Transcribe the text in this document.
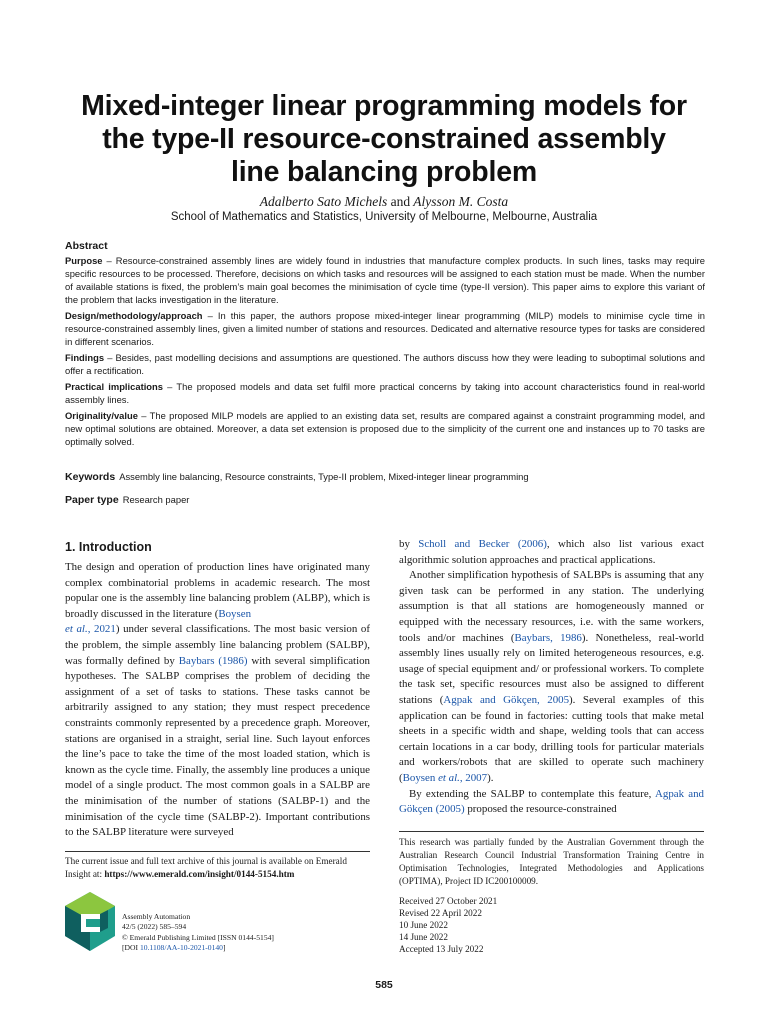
Mixed-integer linear programming models for
the type-II resource-constrained assembly
line balancing problem
Adalberto Sato Michels and Alysson M. Costa
School of Mathematics and Statistics, University of Melbourne, Melbourne, Australia
Abstract

Purpose – Resource-constrained assembly lines are widely found in industries that manufacture complex products. In such lines, tasks may require specific resources to be processed. Therefore, decisions on which tasks and resources will be assigned to each station must be made. When the number of available stations is fixed, the problem’s main goal becomes the minimisation of cycle time (type-II version). This paper aims to explore this variant of the problem that lacks investigation in the literature.

Design/methodology/approach – In this paper, the authors propose mixed-integer linear programming (MILP) models to minimise cycle time in resource-constrained assembly lines, given a limited number of stations and resources. Dedicated and alternative resource types for tasks are considered in different scenarios.

Findings – Besides, past modelling decisions and assumptions are questioned. The authors discuss how they were leading to suboptimal solutions and offer a rectification.

Practical implications – The proposed models and data set fulfil more practical concerns by taking into account characteristics found in real-world assembly lines.

Originality/value – The proposed MILP models are applied to an existing data set, results are compared against a constraint programming model, and new optimal solutions are obtained. Moreover, a data set extension is proposed due to the simplicity of the current one and instances up to 70 tasks are optimally solved.

Keywords Assembly line balancing, Resource constraints, Type-II problem, Mixed-integer linear programming
Paper type Research paper
1. Introduction

The design and operation of production lines have originated many complex combinatorial problems in academic research. The most popular one is the assembly line balancing problem (ALBP), which is broadly discussed in the literature (Boysen
et al., 2021) under several classifications. The most basic version of the problem, the simple assembly line balancing problem (SALBP), was formally defined by Baybars (1986) with several simplification hypotheses. The SALBP comprises the problem of deciding the assignment of a set of tasks to stations. These tasks cannot be arbitrarily assigned to any station; they must respect precedence constraints commonly represented by a precedence graph. Moreover, stations are organised in a straight, serial line. Such layout enforces the line’s pace to take the time of the most loaded station, which is known as the cycle time. Finally, the assembly line produces a unique model of a single product. The most common goals in a SALBP are the minimisation of the number of stations (SALBP-1) and the minimisation of the cycle time (SALBP-2). Important contributions to the SALBP literature were surveyed

by Scholl and Becker (2006), which also list various exact algorithmic solution approaches and practical applications.

Another simplification hypothesis of SALBPs is assuming that any given task can be performed in any station. The underlying assumption is that all stations are homogeneously manned or equipped with the necessary resources, i.e. with the same workers, tools and/or machines (Baybars, 1986). Nonetheless, real-world assembly lines usually rely on limited heterogeneous resources, e.g. usage of special equipment and/ or professional workers. To complete the task set, specific resources must also be assigned to different stations (Agpak and Gökçen, 2005). Several examples of this application can be found in factories: cutting tools that make metal sheets in a specific width and shape, welding tools that can access certain locations in a car body, drilling tools for particular materials and workers/robots that are skilled to operate such machinery (Boysen et al., 2007).

By extending the SALBP to contemplate this feature, Agpak and Gökçen (2005) proposed the resource-constrained

The current issue and full text archive of this journal is available on Emerald Insight at: https://www.emerald.com/insight/0144-5154.htm
Assembly Automation
42/5 (2022) 585–594
© Emerald Publishing Limited [ISSN 0144-5154]
[DOI 10.1108/AA-10-2021-0140]
This research was partially funded by the Australian Government through the Australian Research Council Industrial Transformation Training Centre in Optimisation Technologies, Integrated Methodologies and Applications (OPTIMA), Project ID IC200100009.
Received 27 October 2021
Revised 22 April 2022
10 June 2022
14 June 2022
Accepted 13 July 2022
585
